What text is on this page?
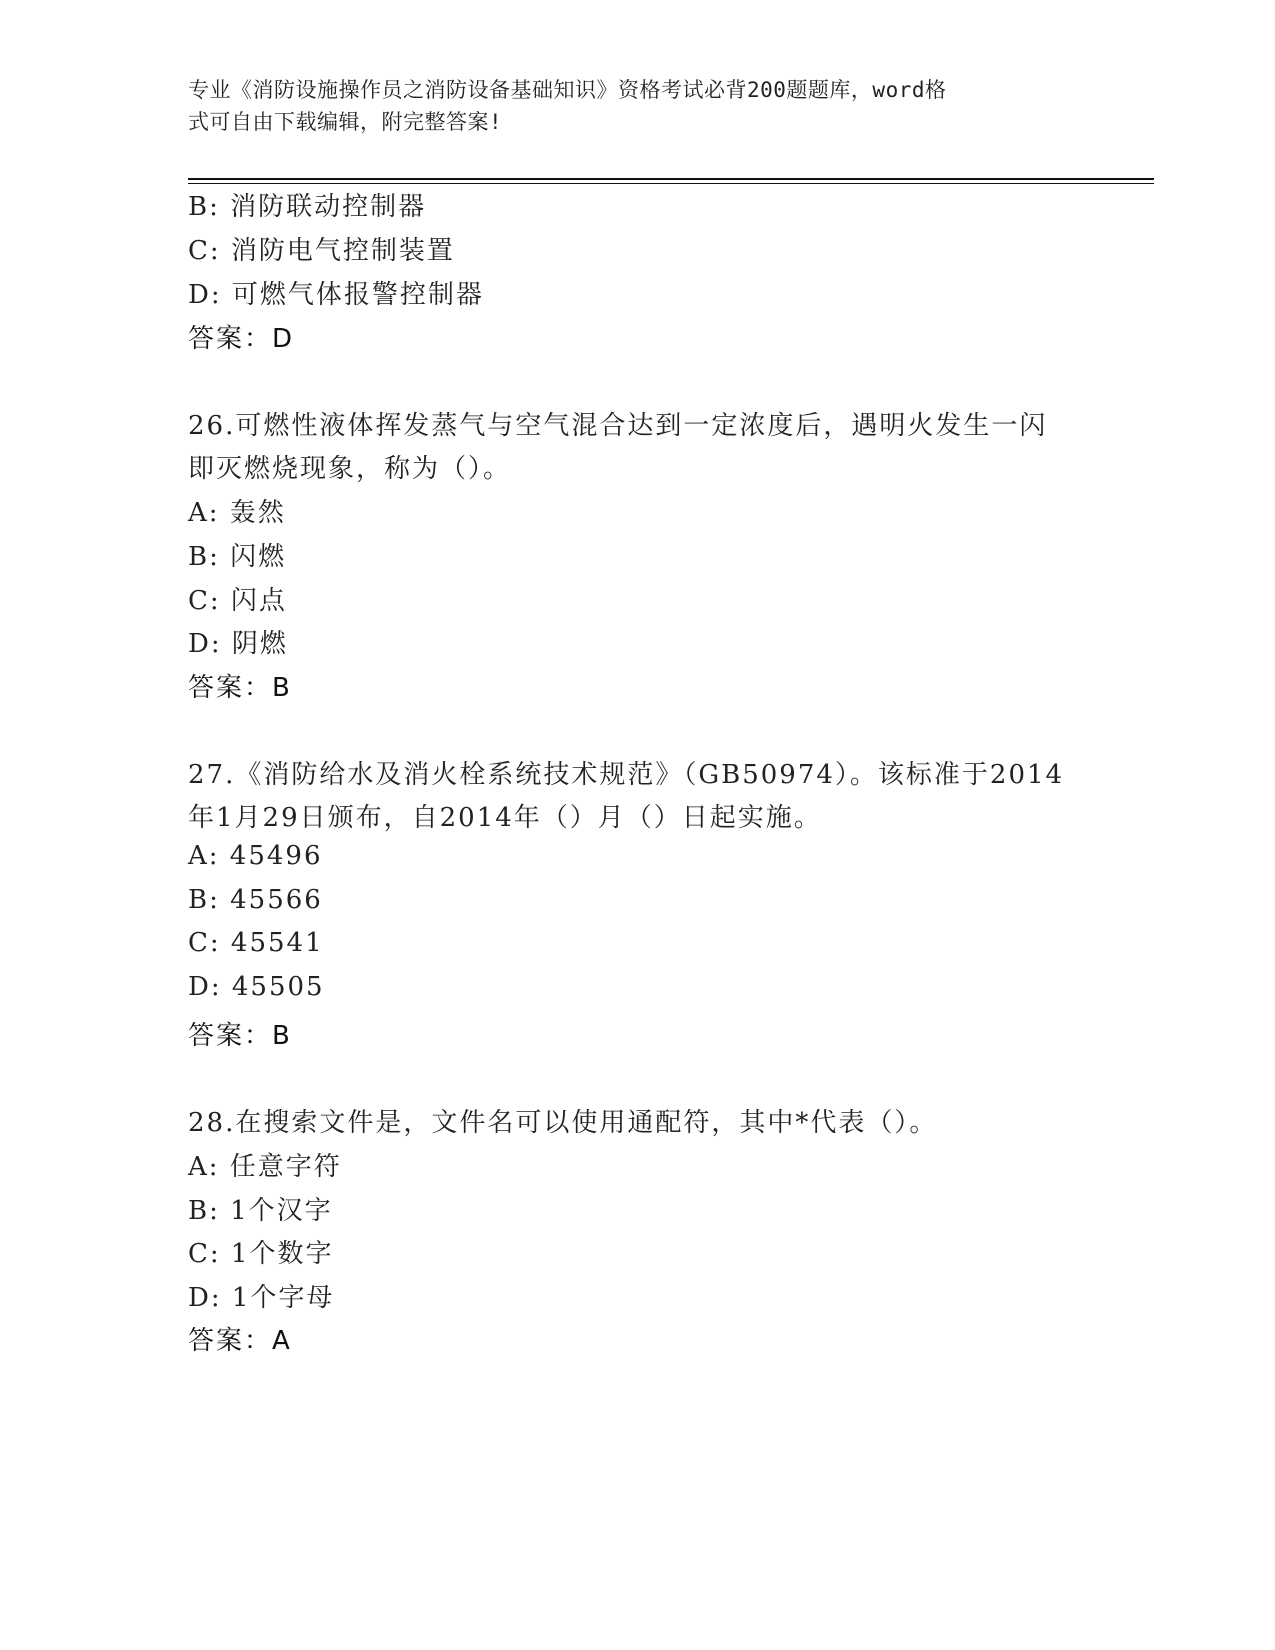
专业《消防设施操作员之消防设备基础知识》资格考试必背200题题库，word格
式可自由下载编辑，附完整答案!
B: 消防联动控制器
C: 消防电气控制装置
D: 可燃气体报警控制器
答案：D
26.可燃性液体挥发蒸气与空气混合达到一定浓度后，遇明火发生一闪
即灭燃烧现象，称为（）。
A: 轰然
B: 闪燃
C: 闪点
D: 阴燃
答案：B
27.《消防给水及消火栓系统技术规范》（GB50974）。该标准于2014
年1月29日颁布，自2014年（）月（）日起实施。
A: 45496
B: 45566
C: 45541
D: 45505
答案：B
28.在搜索文件是，文件名可以使用通配符，其中*代表（）。
A: 任意字符
B: 1个汉字
C: 1个数字
D: 1个字母
答案：A
